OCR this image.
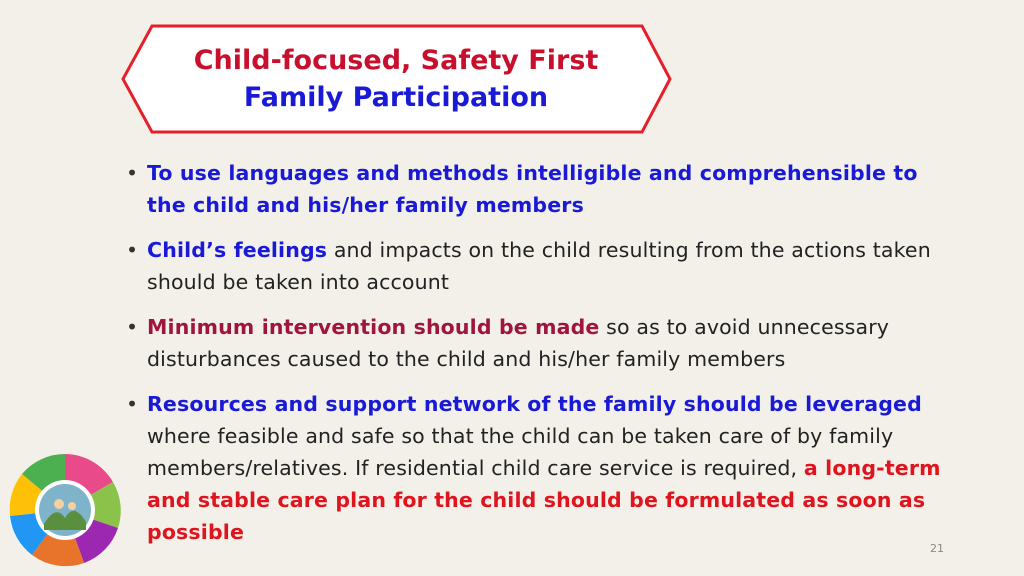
Child-focused, Safety First
Family Participation
• To use languages and methods intelligible and comprehensible to the child and his/her family members
• Child’s feelings and impacts on the child resulting from the actions taken should be taken into account
• Minimum intervention should be made so as to avoid unnecessary disturbances caused to the child and his/her family members
• Resources and support network of the family should be leveraged where feasible and safe so that the child can be taken care of by family members/relatives. If residential child care service is required, a long-term and stable care plan for the child should be formulated as soon as possible
21
